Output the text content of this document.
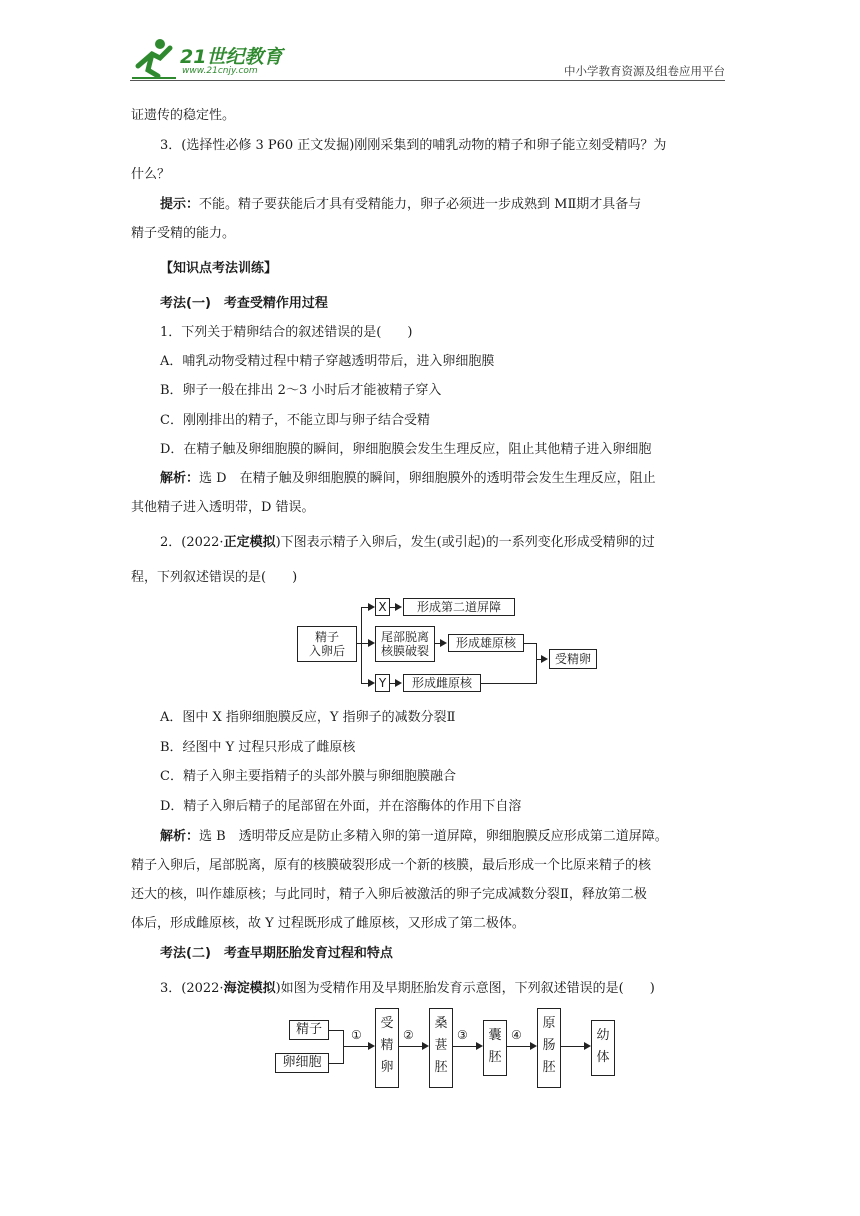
21世纪教育
www.21cnjy.com	中小学教育资源及组卷应用平台
证遗传的稳定性。
3．(选择性必修 3 P60 正文发掘)刚刚采集到的哺乳动物的精子和卵子能立刻受精吗？为
什么？
提示：不能。精子要获能后才具有受精能力，卵子必须进一步成熟到 MⅡ期才具备与
精子受精的能力。
【知识点考法训练】
考法(一)　考查受精作用过程
1．下列关于精卵结合的叙述错误的是(　　)
A．哺乳动物受精过程中精子穿越透明带后，进入卵细胞膜
B．卵子一般在排出 2～3 小时后才能被精子穿入
C．刚刚排出的精子，不能立即与卵子结合受精
D．在精子触及卵细胞膜的瞬间，卵细胞膜会发生生理反应，阻止其他精子进入卵细胞
解析：选 D　在精子触及卵细胞膜的瞬间，卵细胞膜外的透明带会发生生理反应，阻止
其他精子进入透明带，D 错误。
2．(2022·正定模拟)下图表示精子入卵后，发生(或引起)的一系列变化形成受精卵的过
程，下列叙述错误的是(　　)
精子
入卵后
X	形成第二道屏障
尾部脱离
核膜破裂
形成雄原核
Y	形成雌原核
受精卵
A．图中 X 指卵细胞膜反应，Y 指卵子的减数分裂Ⅱ
B．经图中 Y 过程只形成了雌原核
C．精子入卵主要指精子的头部外膜与卵细胞膜融合
D．精子入卵后精子的尾部留在外面，并在溶酶体的作用下自溶
解析：选 B　透明带反应是防止多精入卵的第一道屏障，卵细胞膜反应形成第二道屏障。
精子入卵后，尾部脱离，原有的核膜破裂形成一个新的核膜，最后形成一个比原来精子的核
还大的核，叫作雄原核；与此同时，精子入卵后被激活的卵子完成减数分裂Ⅱ，释放第二极
体后，形成雌原核，故 Y 过程既形成了雌原核，又形成了第二极体。
考法(二)　考查早期胚胎发育过程和特点
3．(2022·海淀模拟)如图为受精作用及早期胚胎发育示意图，下列叙述错误的是(　　)
精子
卵细胞
①
受
精
卵
②
桑
葚
胚
③	囊
胚
④
原
肠
胚
幼
体
